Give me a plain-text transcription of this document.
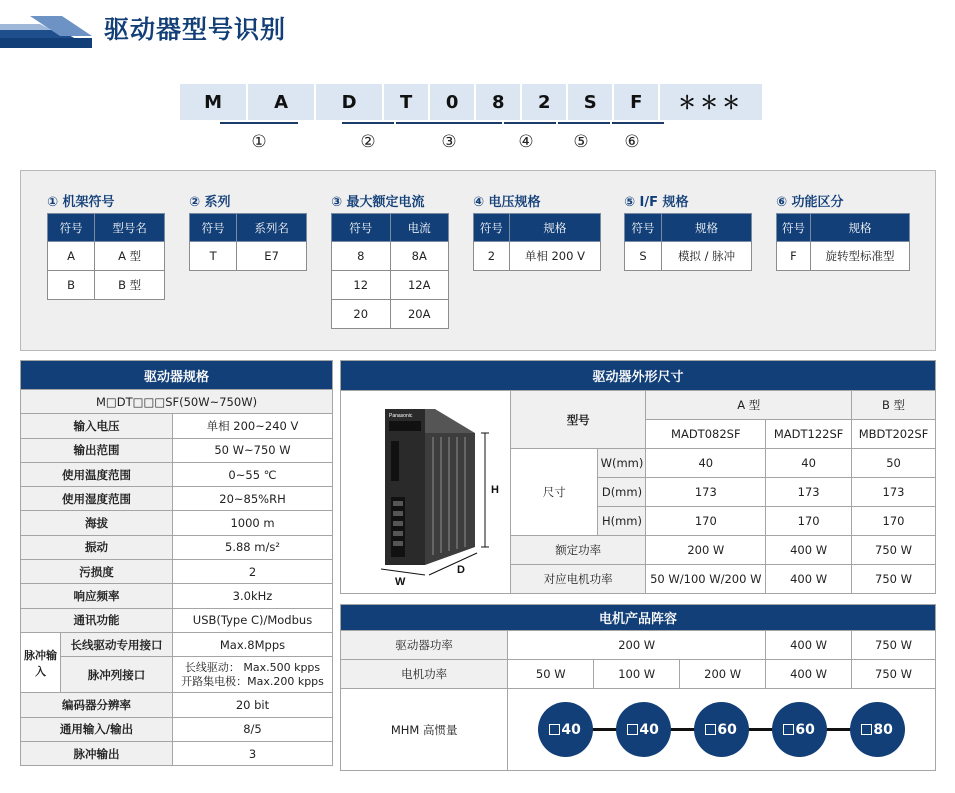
驱动器型号识别
M	A	D	T	0	8	2	S	F	＊＊＊
①	②	③	④ ⑤ ⑥
① 机架符号
符号	型号名
A	A 型
B	B 型
② 系列
符号	系列名
T	E7
③ 最大额定电流
符号	电流
8	8A
12	12A
20	20A
④ 电压规格
符号	规格
2	单相 200 V
⑤ I/F 规格
符号	规格
S	模拟 / 脉冲
⑥ 功能区分
符号	规格
F	旋转型标准型
驱动器规格		
M□DT□□□SF(50W~750W)		
输入电压		单相 200~240 V
输出范围		50 W~750 W
使用温度范围		0~55 ℃
使用湿度范围		20~85%RH
海拔		1000 m
振动		5.88 m/s²
污损度		2
响应频率		3.0kHz
通讯功能		USB(Type C)/Modbus
脉冲输入	长线驱动专用接口	Max.8Mpps
	脉冲列接口	长线驱动： Max.500 kpps
开路集电极：Max.200 kpps

编码器分辨率		20 bit
通用输入/输出		8/5
脉冲输出		3
驱动器外形尺寸					

Panasonic
H
W
D	型号		A 型		B 型
			MADT082SF	MADT122SF	MBDT202SF
	尺寸	W(mm)	40	40	50
		D(mm)	173	173	173
		H(mm)	170	170	170
	额定功率		200 W	400 W	750 W
	对应电机功率		50 W/100 W/200 W	400 W	750 W
电机产品阵容					
驱动器功率	200 W			400 W	750 W
电机功率	50 W	100 W	200 W	400 W	750 W
MHM 高惯量	40 40 60 60 80				
